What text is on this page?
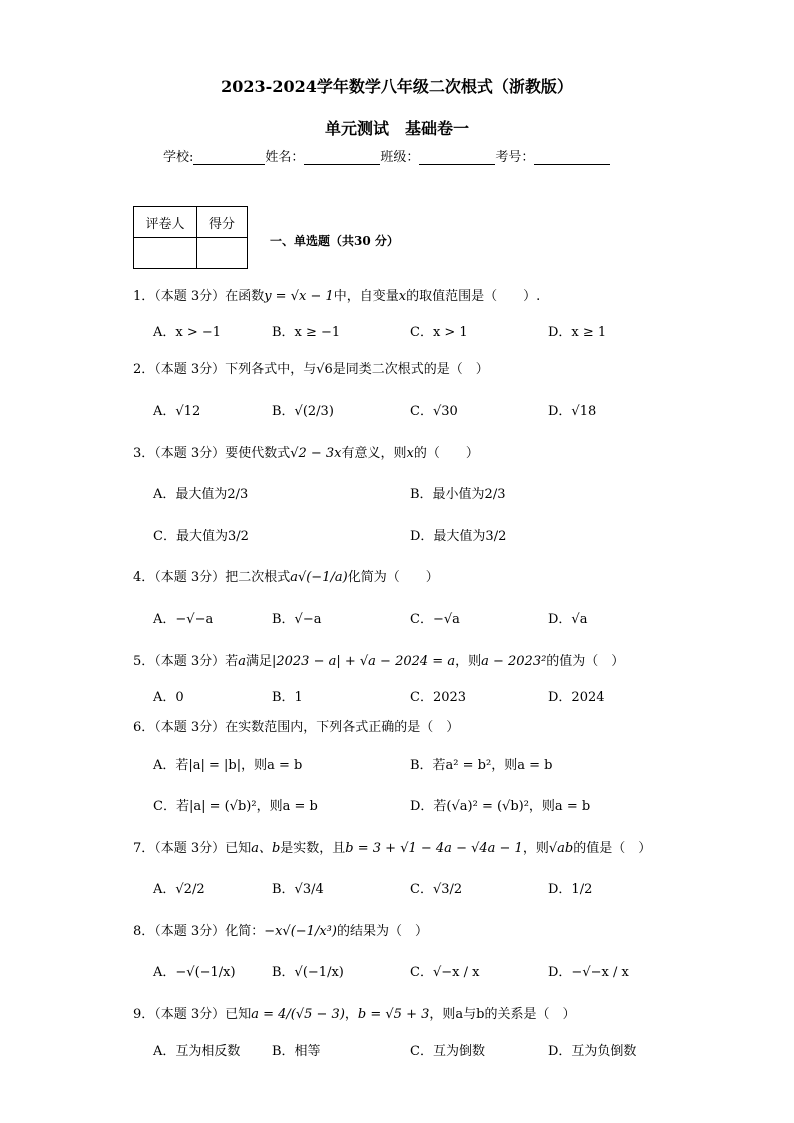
2023-2024学年数学八年级二次根式（浙教版）
单元测试　基础卷一
学校:	姓名：	班级：	考号：
评卷人	得分

一、单选题（共30 分）
1．（本题 3分）在函数y = √x − 1中，自变量x的取值范围是（　　）.
A．x > −1	B．x ≥ −1	C．x > 1	D．x ≥ 1
2．（本题 3分）下列各式中，与√6是同类二次根式的是（　）
A．√12	B．√(2/3)	C．√30	D．√18
3．（本题 3分）要使代数式√2 − 3x有意义，则x的（　　）
A．最大值为2/3	B．最小值为2/3
C．最大值为3/2	D．最大值为3/2
4．（本题 3分）把二次根式a√(−1/a)化简为（　　）
A．−√−a	B．√−a	C．−√a	D．√a
5．（本题 3分）若a满足|2023 − a| + √a − 2024 = a，则a − 2023²的值为（　）
A．0	B．1	C．2023	D．2024
6．（本题 3分）在实数范围内，下列各式正确的是（　）
A．若|a| = |b|，则a = b	B．若a² = b²，则a = b
C．若|a| = (√b)²，则a = b	D．若(√a)² = (√b)²，则a = b
7．（本题 3分）已知a、b是实数，且b = 3 + √1 − 4a − √4a − 1，则√ab的值是（　）
A．√2/2	B．√3/4	C．√3/2	D．1/2
8．（本题 3分）化简：−x√(−1/x³)的结果为（　）
A．−√(−1/x)	B．√(−1/x)	C．√−x / x	D．−√−x / x
9．（本题 3分）已知a = 4/(√5 − 3)，b = √5 + 3，则a与b的关系是（　）
A．互为相反数 B．相等	C．互为倒数	D．互为负倒数
